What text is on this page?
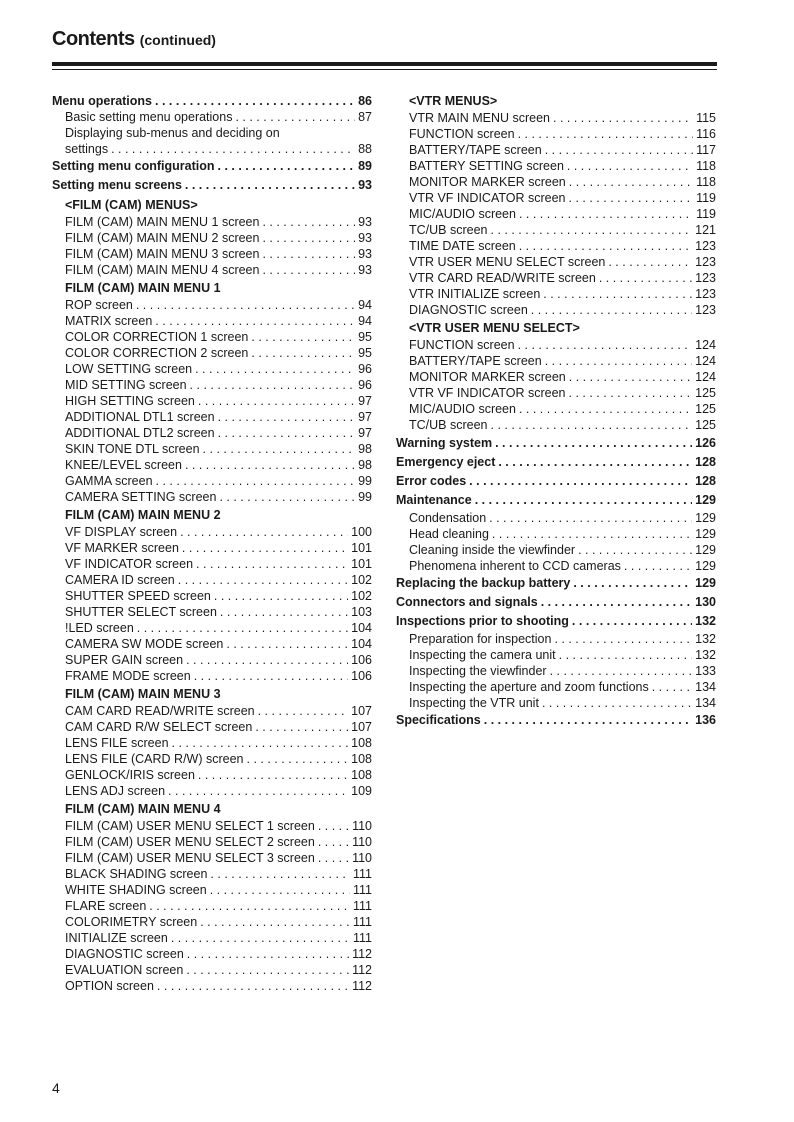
Contents (continued)
Menu operations . . .	86
Basic setting menu operations . . .	87
Displaying sub-menus and deciding on
settings . . .	88
Setting menu configuration . . .	89
Setting menu screens . . .	93
<FILM (CAM) MENUS>
FILM (CAM) MAIN MENU 1 screen . . .	93
FILM (CAM) MAIN MENU 2 screen . . .	93
FILM (CAM) MAIN MENU 3 screen . . .	93
FILM (CAM) MAIN MENU 4 screen . . .	93
FILM (CAM) MAIN MENU 1
ROP screen . . .	94
MATRIX screen . . .	94
COLOR CORRECTION 1 screen . . .	95
COLOR CORRECTION 2 screen . . .	95
LOW SETTING screen . . .	96
MID SETTING screen . . .	96
HIGH SETTING screen . . .	97
ADDITIONAL DTL1 screen . . .	97
ADDITIONAL DTL2 screen . . .	97
SKIN TONE DTL screen . . .	98
KNEE/LEVEL screen . . .	98
GAMMA screen . . .	99
CAMERA SETTING screen . . .	99
FILM (CAM) MAIN MENU 2
VF DISPLAY screen . . .	100
VF MARKER screen . . .	101
VF INDICATOR screen . . .	101
CAMERA ID screen . . .	102
SHUTTER SPEED screen . . .	102
SHUTTER SELECT screen . . .	103
!LED screen . . .	104
CAMERA SW MODE screen . . .	104
SUPER GAIN screen . . .	106
FRAME MODE screen . . .	106
FILM (CAM) MAIN MENU 3
CAM CARD READ/WRITE screen . . .	107
CAM CARD R/W SELECT screen . . .	107
LENS FILE screen . . .	108
LENS FILE (CARD R/W) screen . . .	108
GENLOCK/IRIS screen . . .	108
LENS ADJ screen . . .	109
FILM (CAM) MAIN MENU 4
FILM (CAM) USER MENU SELECT 1 screen . . .	110
FILM (CAM) USER MENU SELECT 2 screen . . .	110
FILM (CAM) USER MENU SELECT 3 screen . . .	110
BLACK SHADING screen . . .	111
WHITE SHADING screen . . .	111
FLARE screen . . .	111
COLORIMETRY screen . . .	111
INITIALIZE screen . . .	111
DIAGNOSTIC screen . . .	112
EVALUATION screen . . .	112
OPTION screen . . .	112
<VTR MENUS>
VTR MAIN MENU screen . . .	115
FUNCTION screen . . .	116
BATTERY/TAPE screen . . .	117
BATTERY SETTING screen . . .	118
MONITOR MARKER screen . . .	118
VTR VF INDICATOR screen . . .	119
MIC/AUDIO screen . . .	119
TC/UB screen . . .	121
TIME DATE screen . . .	123
VTR USER MENU SELECT screen . . .	123
VTR CARD READ/WRITE screen . . .	123
VTR INITIALIZE screen . . .	123
DIAGNOSTIC screen . . .	123
<VTR USER MENU SELECT>
FUNCTION screen . . .	124
BATTERY/TAPE screen . . .	124
MONITOR MARKER screen . . .	124
VTR VF INDICATOR screen . . .	125
MIC/AUDIO screen . . .	125
TC/UB screen . . .	125
Warning system . . .	126
Emergency eject . . .	128
Error codes . . .	128
Maintenance . . .	129
Condensation . . .	129
Head cleaning . . .	129
Cleaning inside the viewfinder . . .	129
Phenomena inherent to CCD cameras . . .	129
Replacing the backup battery . . .	129
Connectors and signals . . .	130
Inspections prior to shooting . . .	132
Preparation for inspection . . .	132
Inspecting the camera unit . . .	132
Inspecting the viewfinder . . .	133
Inspecting the aperture and zoom functions . . .	134
Inspecting the VTR unit . . .	134
Specifications . . .	136
4
